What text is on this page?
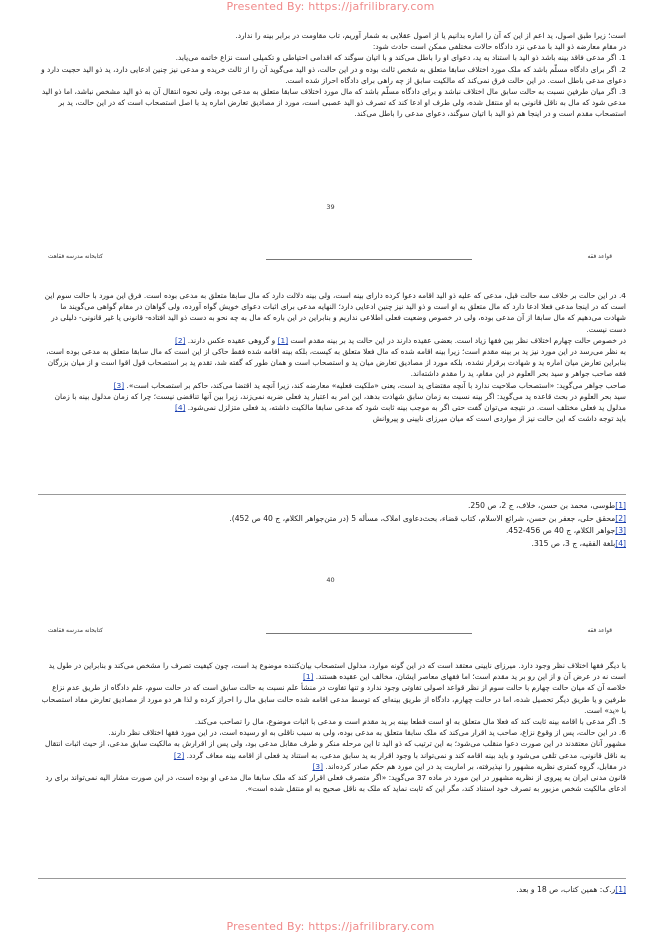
Presented By: https://jafrilibrary.com

است؛ زیرا طبق اصول، ید اعم از این که آن را اماره بدانیم یا از اصول عقلایی به شمار آوریم، تاب مقاومت در برابر بینه را ندارد.

در مقام معارضه ذو الید با مدعی نزد دادگاه حالات مختلفی ممکن است حادث شود:

1. اگر مدعی فاقد بینه باشد ذو الید با استناد به ید، دعوای او را باطل می‌کند و با اتیان سوگند که اقدامی احتیاطی و تکمیلی است نزاع خاتمه می‌یابد.

2. اگر برای دادگاه مسلّم باشد که ملک مورد اختلاف سابقا متعلق به شخص ثالث بوده و در این حالت، ذو الید می‌گوید آن را از ثالث خریده و مدعی نیز چنین ادعایی دارد، ید ذو الید حجیت دارد و دعوای مدعی باطل است. در این حالت فرق نمی‌کند که مالکیت سابق از چه راهی برای دادگاه احراز شده است.

3. اگر میان طرفین نسبت به حالت سابق مال اختلاف نباشد و برای دادگاه مسلّم باشد که مال مورد اختلاف سابقا متعلق به مدعی بوده، ولی نحوه انتقال آن به ذو الید مشخص نباشد، اما ذو الید مدعی شود که مال به ناقل قانونی به او منتقل شده، ولی طرف او ادعا کند که تصرف ذو الید عصبی است، مورد از مصادیق تعارض اماره ید با اصل استصحاب است که در این حالت، ید بر استصحاب مقدم است و در اینجا هم ذو الید با اتیان سوگند، دعوای مدعی را باطل می‌کند.

39
کتابخانه مدرسه فقاهت	قواعد فقه

4. در این حالت بر خلاف سه حالت قبل، مدعی که علیه ذو الید اقامه دعوا کرده دارای بینه است، ولی بینه دلالت دارد که مال سابقا متعلق به مدعی بوده است. فرق این مورد با حالت سوم این است که در اینجا مدعی فعلا ادعا دارد که مال متعلق به او است و ذو الید نیز چنین ادعایی دارد؛ النهایه مدعی برای اثبات دعوای خویش گواه آورده، ولی گواهان در مقام گواهی می‌گویند ما شهادت می‌دهیم که مال سابقا از آن مدعی بوده، ولی در خصوص وضعیت فعلی اطلاعی نداریم و بنابراین در این باره که مال به چه نحو به دست ذو الید افتاده- قانونی یا غیر قانونی- دلیلی در دست نیست.

در خصوص حالت چهارم اختلاف نظر بین فقها زیاد است. بعضی عقیده دارند در این حالت ید بر بینه مقدم است [1] و گروهی عقیده عکس دارند. [2]

به نظر می‌رسد در این مورد نیز ید بر بینه مقدم است؛ زیرا بینه اقامه شده که مال فعلا متعلق به کیست، بلکه بینه اقامه شده فقط حاکی از این است که مال سابقا متعلق به مدعی بوده است، بنابراین تعارض میان اماره ید و شهادت برقرار نشده، بلکه مورد از مصادیق تعارض میان ید و استصحاب است و همان طور که گفته شد، تقدم ید بر استصحاب قول اقوا است و از میان بزرگان فقه صاحب جواهر و سید بحر العلوم در این مقام، ید را مقدم داشته‌اند.

صاحب جواهر می‌گوید: «استصحاب صلاحیت ندارد با آنچه مقتضای ید است، یعنی «ملکیت فعلیه» معارضه کند، زیرا آنچه ید اقتضا می‌کند، حاکم بر استصحاب است». [3]

سید بحر العلوم در بحث قاعده ید می‌گوید: اگر بینه نسبت به زمان سابق شهادت بدهد، این امر به اعتبار ید فعلی ضربه نمی‌زند، زیرا بین آنها تناقضی نیست؛ چرا که زمان مدلول بینه با زمان مدلول ید فعلی مختلف است. در نتیجه می‌توان گفت حتی اگر به موجب بینه ثابت شود که مدعی سابقا مالکیت داشته، ید فعلی متزلزل نمی‌شود. [4]

باید توجه داشت که این حالت نیز از مواردی است که میان میرزای نایینی و پیروانش

[1]طوسی، محمد بن حسن، خلاف، ج 2، ص 250.

[2]محقق حلی، جعفر بن حسن، شرائع الاسلام، کتاب قضاء، بحث‌دعاوی املاک، مسأله 5 (در متن‌جواهر الکلام، ج 40 ص 452).

[3]جواهر الکلام، ج 40 ص 456-452.

[4]بلغة الفقیه، ج 3، ص 315.

40
کتابخانه مدرسه فقاهت	قواعد فقه

با دیگر فقها اختلاف نظر وجود دارد. میرزای نایینی معتقد است که در این گونه موارد، مدلول استصحاب بیان‌کننده موضوع ید است، چون کیفیت تصرف را مشخص می‌کند و بنابراین در طول ید است نه در عرض آن و از این رو بر ید مقدم است؛ اما فقهای معاصر ایشان، مخالف این عقیده هستند. [1]

خلاصه آن که میان حالت چهارم با حالت سوم از نظر قواعد اصولی تفاوتی وجود ندارد و تنها تفاوت در منشأ علم نسبت به حالت سابق است که در حالت سوم، علم دادگاه از طریق عدم نزاع طرفین و یا طریق دیگر تحصیل شده، اما در حالت چهارم، دادگاه از طریق بینه‌ای که توسط مدعی اقامه شده حالت سابق مال را احراز کرده و لذا هر دو مورد از مصادیق تعارض مفاد استصحاب با «ید» است.

5. اگر مدعی با اقامه بینه ثابت کند که فعلا مال متعلق به او است قطعا بینه بر ید مقدم است و مدعی با اثبات موضوع، مال را تصاحب می‌کند.

6. در این حالت، پس از وقوع نزاع، صاحب ید اقرار می‌کند که ملک سابقا متعلق به مدعی بوده، ولی به سبب ناقلی به او رسیده است، در این مورد فقها اختلاف نظر دارند.

مشهور آنان معتقدند در این صورت دعوا منقلب می‌شود؛ به این ترتیب که ذو الید تا این مرحله منکر و طرف مقابل مدعی بود، ولی پس از اقرارش به مالکیت سابق مدعی، از حیث اثبات انتقال به ناقل قانونی، مدعی تلقی می‌شود و باید بینه اقامه کند و نمی‌تواند با وجود اقرار به ید سابق مدعی، به استناد ید فعلی از اقامه بینه معاف گردد. [2]

در مقابل، گروه کمتری نظریه مشهور را نپذیرفته، بر اماریت ید در این مورد هم حکم صادر کرده‌اند. [3]

قانون مدنی ایران به پیروی از نظریه مشهور در این مورد در ماده 37 می‌گوید: «اگر متصرف فعلی اقرار کند که ملک سابقا مال مدعی او بوده است، در این صورت مشار الیه نمی‌تواند برای رد ادعای مالکیت شخص مزبور به تصرف خود استناد کند، مگر این که ثابت نماید که ملک به ناقل صحیح به او منتقل شده است».

[1]ر.ک: همین کتاب، ص 18 و بعد.

Presented By: https://jafrilibrary.com
